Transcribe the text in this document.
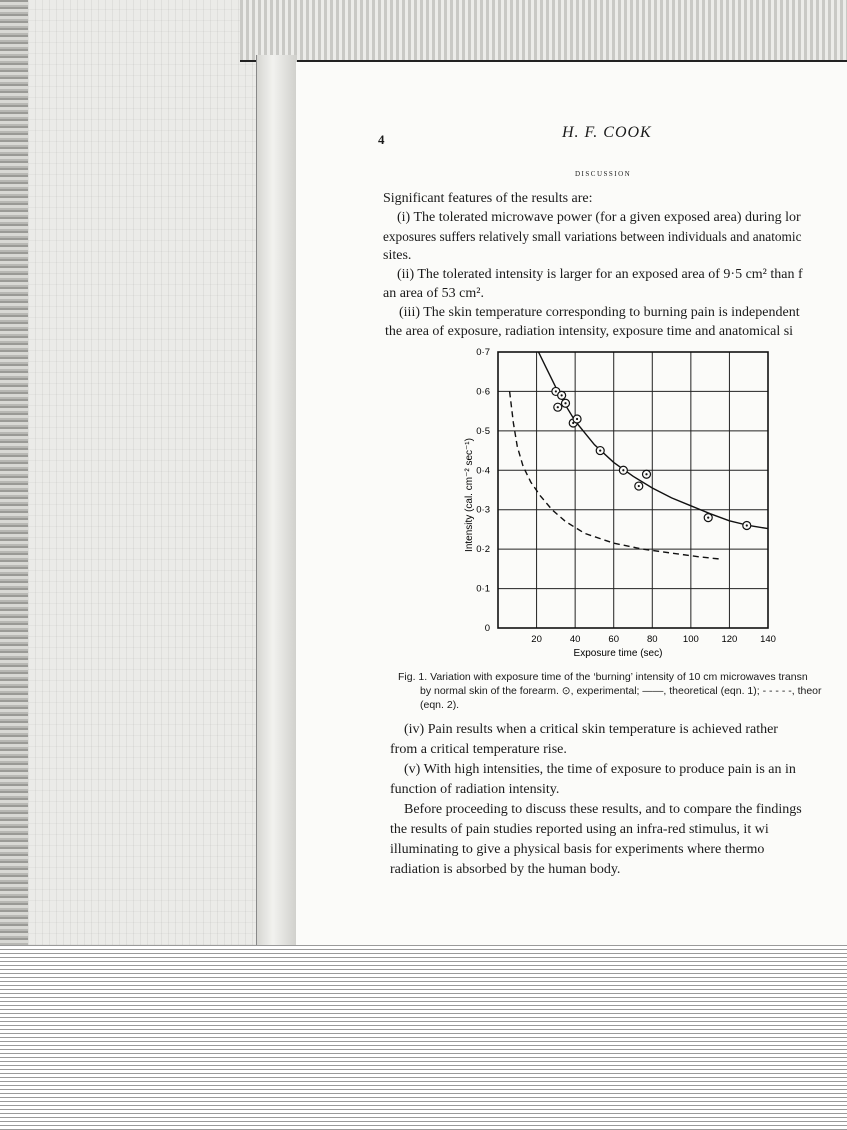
4	H. F. COOK
discussion
Significant features of the results are:
(i) The tolerated microwave power (for a given exposed area) during lor
exposures suffers relatively small variations between individuals and anatomic
sites.
(ii) The tolerated intensity is larger for an exposed area of 9·5 cm² than f
an area of 53 cm².
(iii) The skin temperature corresponding to burning pain is independent
the area of exposure, radiation intensity, exposure time and anatomical si
20	40	60	80	100 120 140
0
0·1
0·2
0·3
0·4
0·5
0·6
0·7
Exposure time (sec)
Intensity (cal. cm⁻² sec⁻¹)
Fig. 1. Variation with exposure time of the ‘burning’ intensity of 10 cm microwaves transn
by normal skin of the forearm. ⊙, experimental; ——, theoretical (eqn. 1); - - - - -, theor
(eqn. 2).
(iv) Pain results when a critical skin temperature is achieved rather
from a critical temperature rise.
(v) With high intensities, the time of exposure to produce pain is an in
function of radiation intensity.
Before proceeding to discuss these results, and to compare the findings
the results of pain studies reported using an infra-red stimulus, it wi
illuminating to give a physical basis for experiments where thermo
radiation is absorbed by the human body.
